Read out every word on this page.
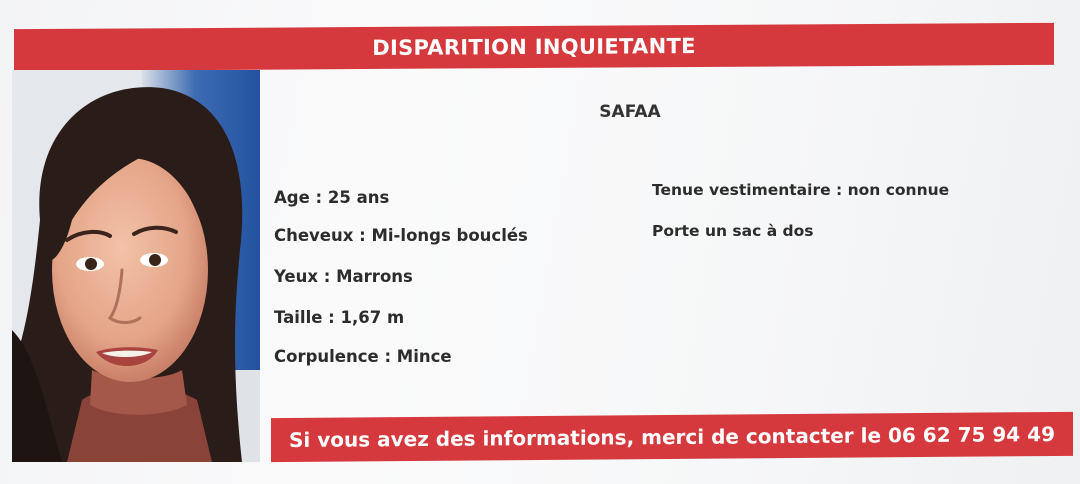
DISPARITION INQUIETANTE
SAFAA
Age : 25 ans
Cheveux : Mi-longs bouclés
Yeux : Marrons
Taille : 1,67 m
Corpulence : Mince
Tenue vestimentaire : non connue
Porte un sac à dos
Si vous avez des informations, merci de contacter le 06 62 75 94 49
